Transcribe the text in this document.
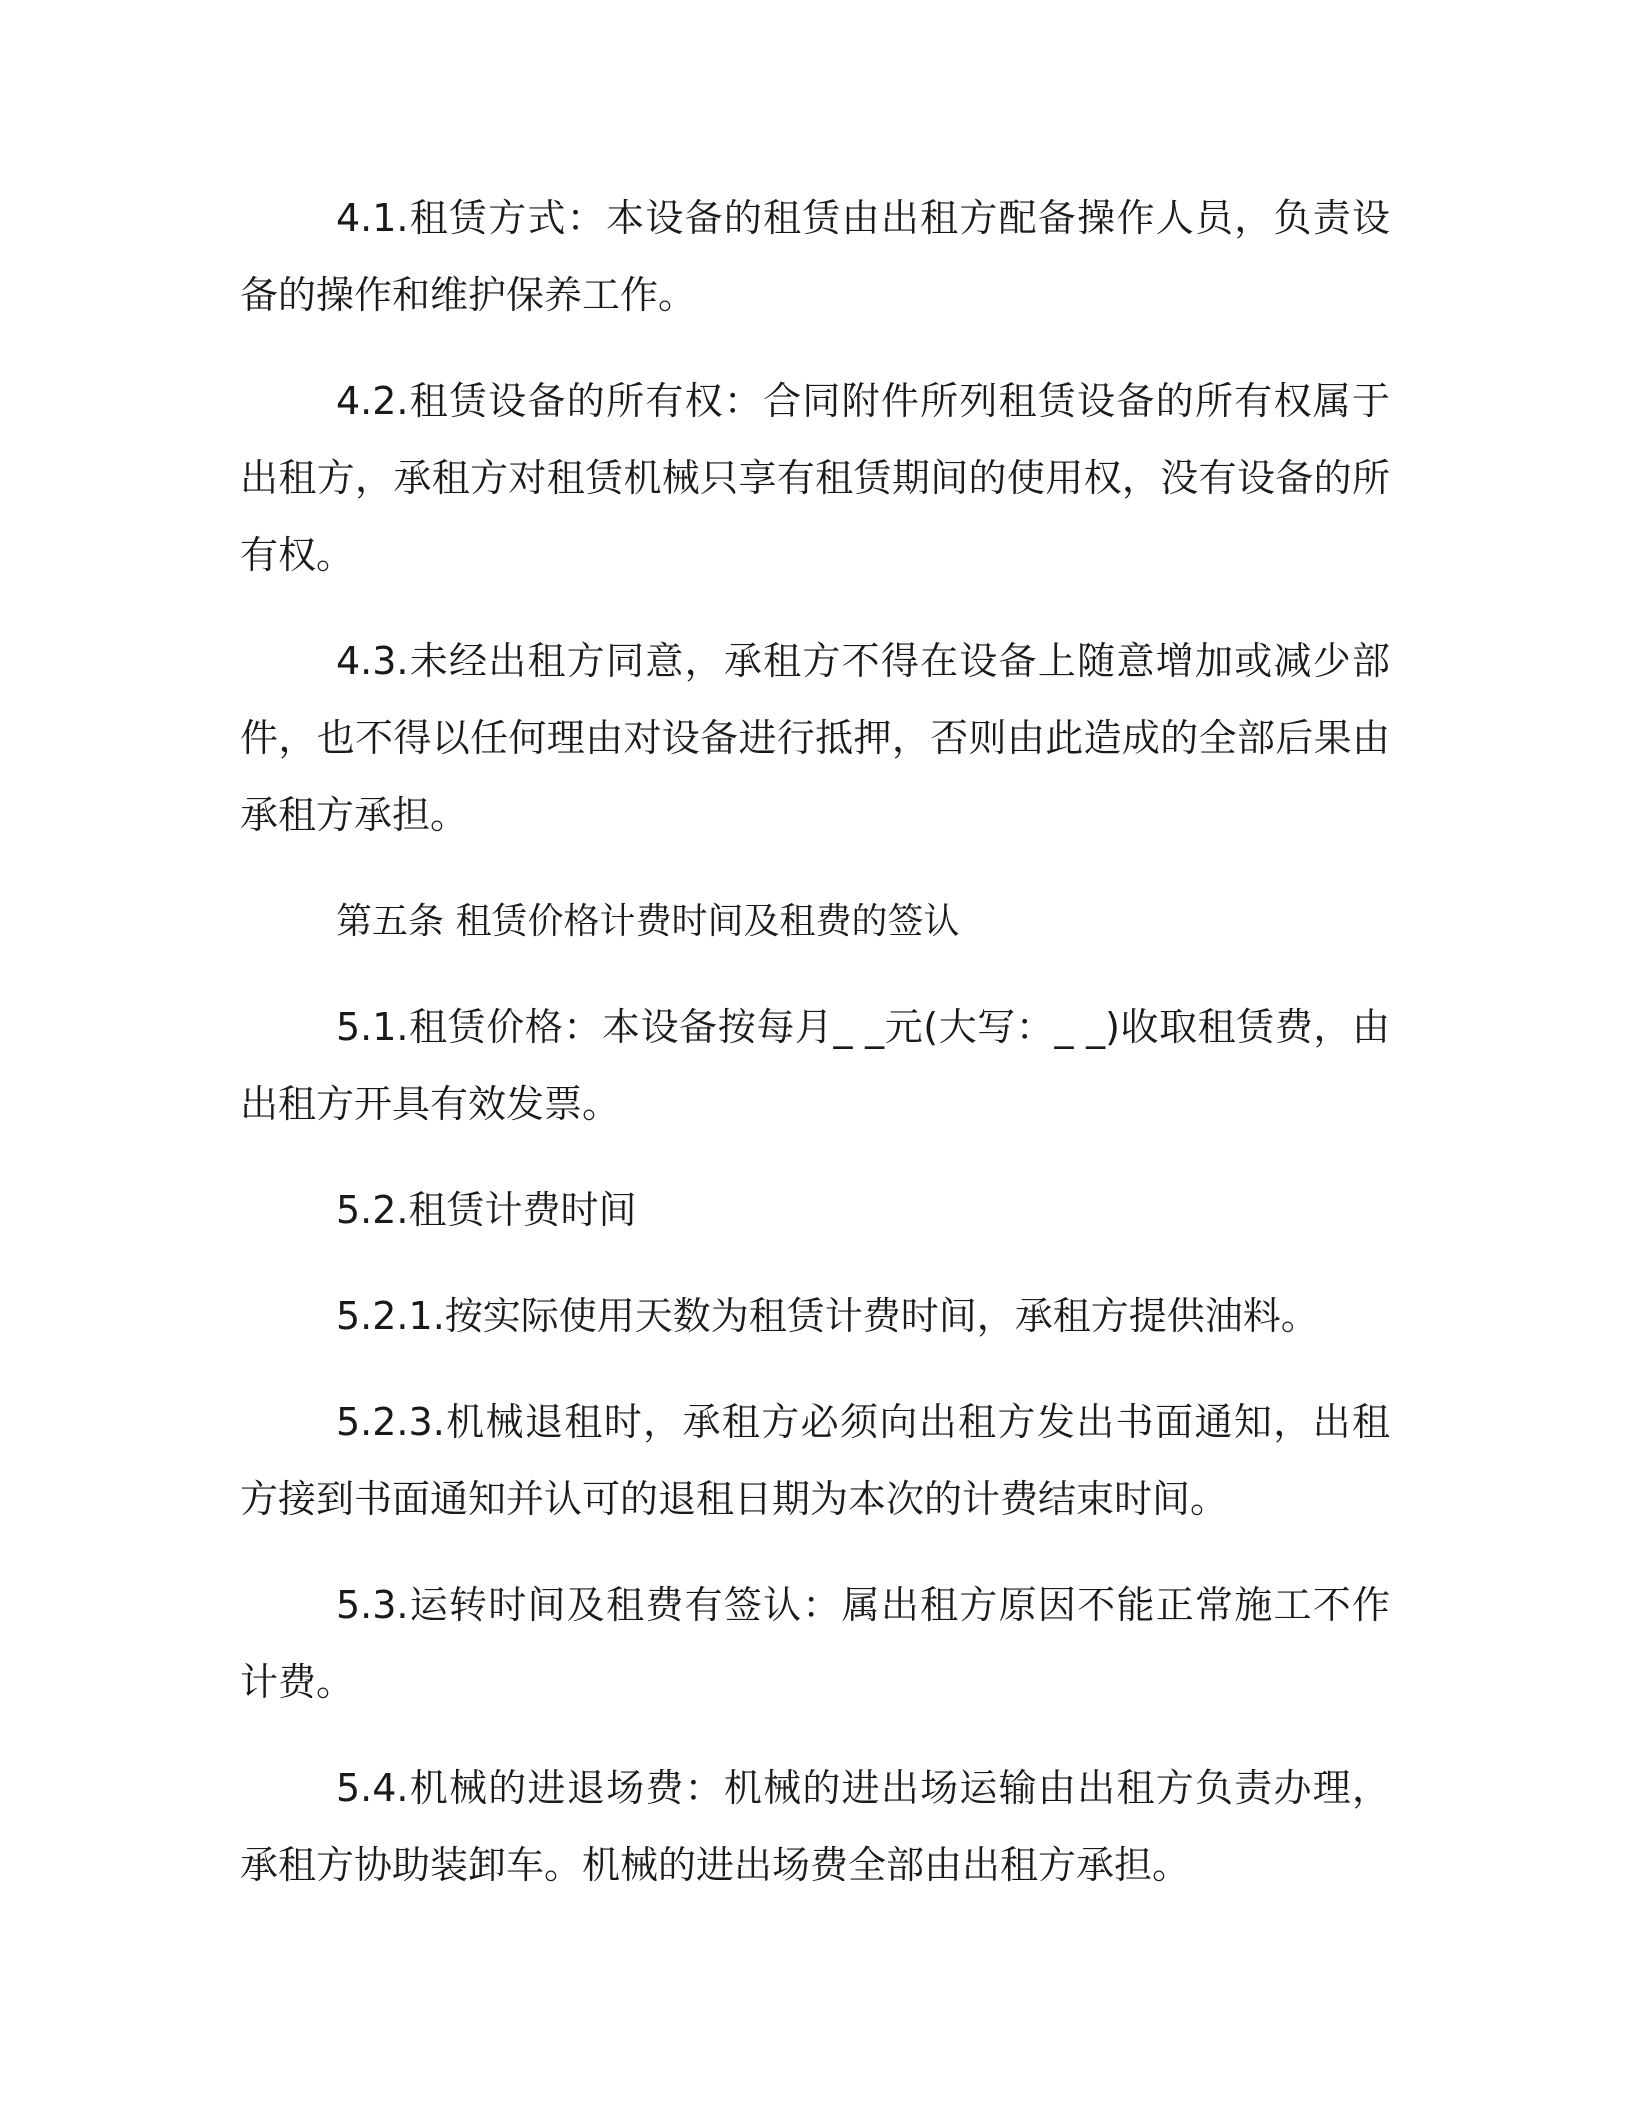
4.1.租赁方式：本设备的租赁由出租方配备操作人员，负责设备的操作和维护保养工作。

4.2.租赁设备的所有权：合同附件所列租赁设备的所有权属于出租方，承租方对租赁机械只享有租赁期间的使用权，没有设备的所有权。

4.3.未经出租方同意，承租方不得在设备上随意增加或减少部件，也不得以任何理由对设备进行抵押，否则由此造成的全部后果由承租方承担。

第五条 租赁价格计费时间及租费的签认

5.1.租赁价格：本设备按每月_ _元(大写：_ _)收取租赁费，由出租方开具有效发票。

5.2.租赁计费时间

5.2.1.按实际使用天数为租赁计费时间，承租方提供油料。

5.2.3.机械退租时，承租方必须向出租方发出书面通知，出租方接到书面通知并认可的退租日期为本次的计费结束时间。

5.3.运转时间及租费有签认：属出租方原因不能正常施工不作计费。

5.4.机械的进退场费：机械的进出场运输由出租方负责办理，承租方协助装卸车。机械的进出场费全部由出租方承担。
